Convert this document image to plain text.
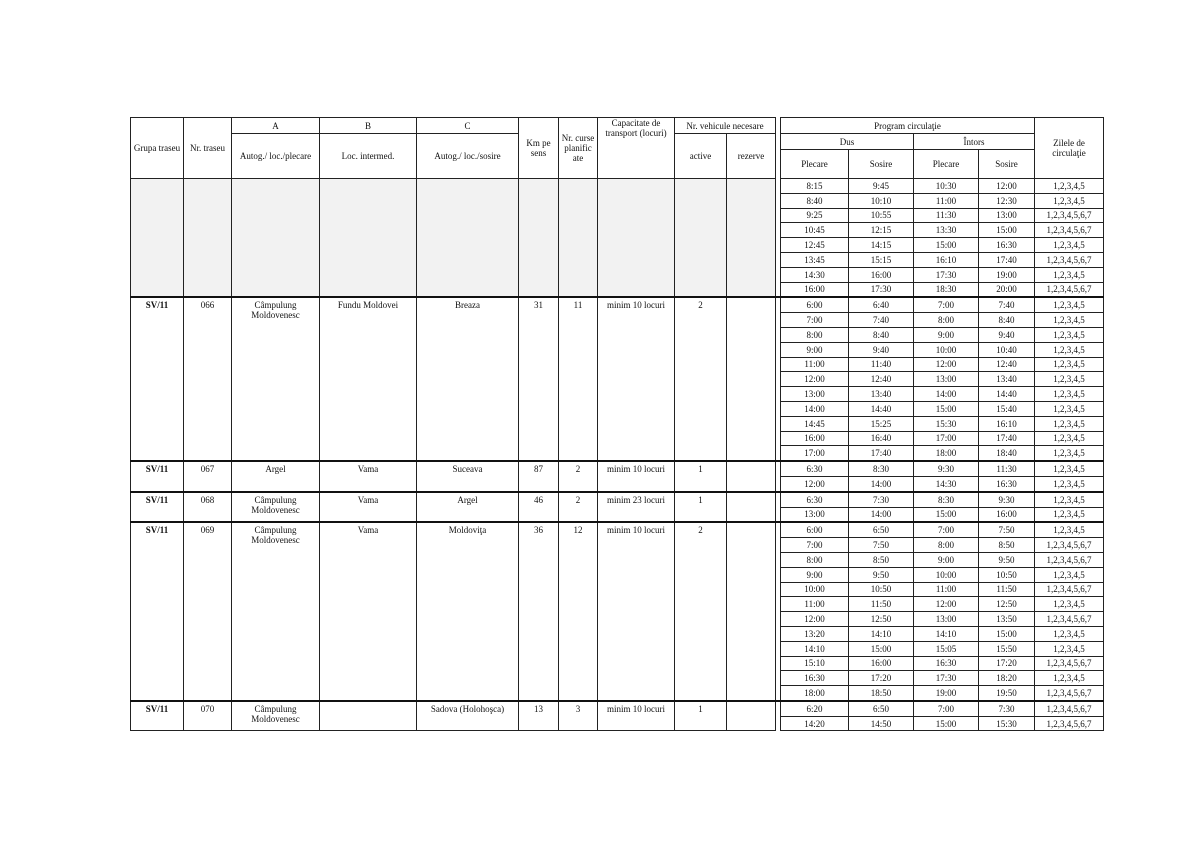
Grupa traseu	Nr. traseu	A	B	C	Km pe sens	Nr. curse planific ate	Capacitate de transport (locuri)	Nr. vehicule necesare			Program circulaţie				Zilele de circulaţie
		Autog./ loc./plecare	Loc. intermed.	Autog./ loc./sosire				active	rezerve		Dus		Întors		
											Plecare	Sosire	Plecare	Sosire	
											8:15	9:45	10:30	12:00	1,2,3,4,5
											8:40	10:10	11:00	12:30	1,2,3,4,5
											9:25	10:55	11:30	13:00	1,2,3,4,5,6,7
											10:45	12:15	13:30	15:00	1,2,3,4,5,6,7
											12:45	14:15	15:00	16:30	1,2,3,4,5
											13:45	15:15	16:10	17:40	1,2,3,4,5,6,7
											14:30	16:00	17:30	19:00	1,2,3,4,5
											16:00	17:30	18:30	20:00	1,2,3,4,5,6,7
SV/11	066	Câmpulung Moldovenesc	Fundu Moldovei	Breaza	31	11	minim 10 locuri	2			6:00	6:40	7:00	7:40	1,2,3,4,5
											7:00	7:40	8:00	8:40	1,2,3,4,5
											8:00	8:40	9:00	9:40	1,2,3,4,5
											9:00	9:40	10:00	10:40	1,2,3,4,5
											11:00	11:40	12:00	12:40	1,2,3,4,5
											12:00	12:40	13:00	13:40	1,2,3,4,5
											13:00	13:40	14:00	14:40	1,2,3,4,5
											14:00	14:40	15:00	15:40	1,2,3,4,5
											14:45	15:25	15:30	16:10	1,2,3,4,5
											16:00	16:40	17:00	17:40	1,2,3,4,5
											17:00	17:40	18:00	18:40	1,2,3,4,5
SV/11	067	Argel	Vama	Suceava	87	2	minim 10 locuri	1			6:30	8:30	9:30	11:30	1,2,3,4,5
											12:00	14:00	14:30	16:30	1,2,3,4,5
SV/11	068	Câmpulung Moldovenesc	Vama	Argel	46	2	minim 23 locuri	1			6:30	7:30	8:30	9:30	1,2,3,4,5
											13:00	14:00	15:00	16:00	1,2,3,4,5
SV/11	069	Câmpulung Moldovenesc	Vama	Moldoviţa	36	12	minim 10 locuri	2			6:00	6:50	7:00	7:50	1,2,3,4,5
											7:00	7:50	8:00	8:50	1,2,3,4,5,6,7
											8:00	8:50	9:00	9:50	1,2,3,4,5,6,7
											9:00	9:50	10:00	10:50	1,2,3,4,5
											10:00	10:50	11:00	11:50	1,2,3,4,5,6,7
											11:00	11:50	12:00	12:50	1,2,3,4,5
											12:00	12:50	13:00	13:50	1,2,3,4,5,6,7
											13:20	14:10	14:10	15:00	1,2,3,4,5
											14:10	15:00	15:05	15:50	1,2,3,4,5
											15:10	16:00	16:30	17:20	1,2,3,4,5,6,7
											16:30	17:20	17:30	18:20	1,2,3,4,5
											18:00	18:50	19:00	19:50	1,2,3,4,5,6,7
SV/11	070	Câmpulung Moldovenesc		Sadova (Holohoşca)	13	3	minim 10 locuri	1			6:20	6:50	7:00	7:30	1,2,3,4,5,6,7
											14:20	14:50	15:00	15:30	1,2,3,4,5,6,7
